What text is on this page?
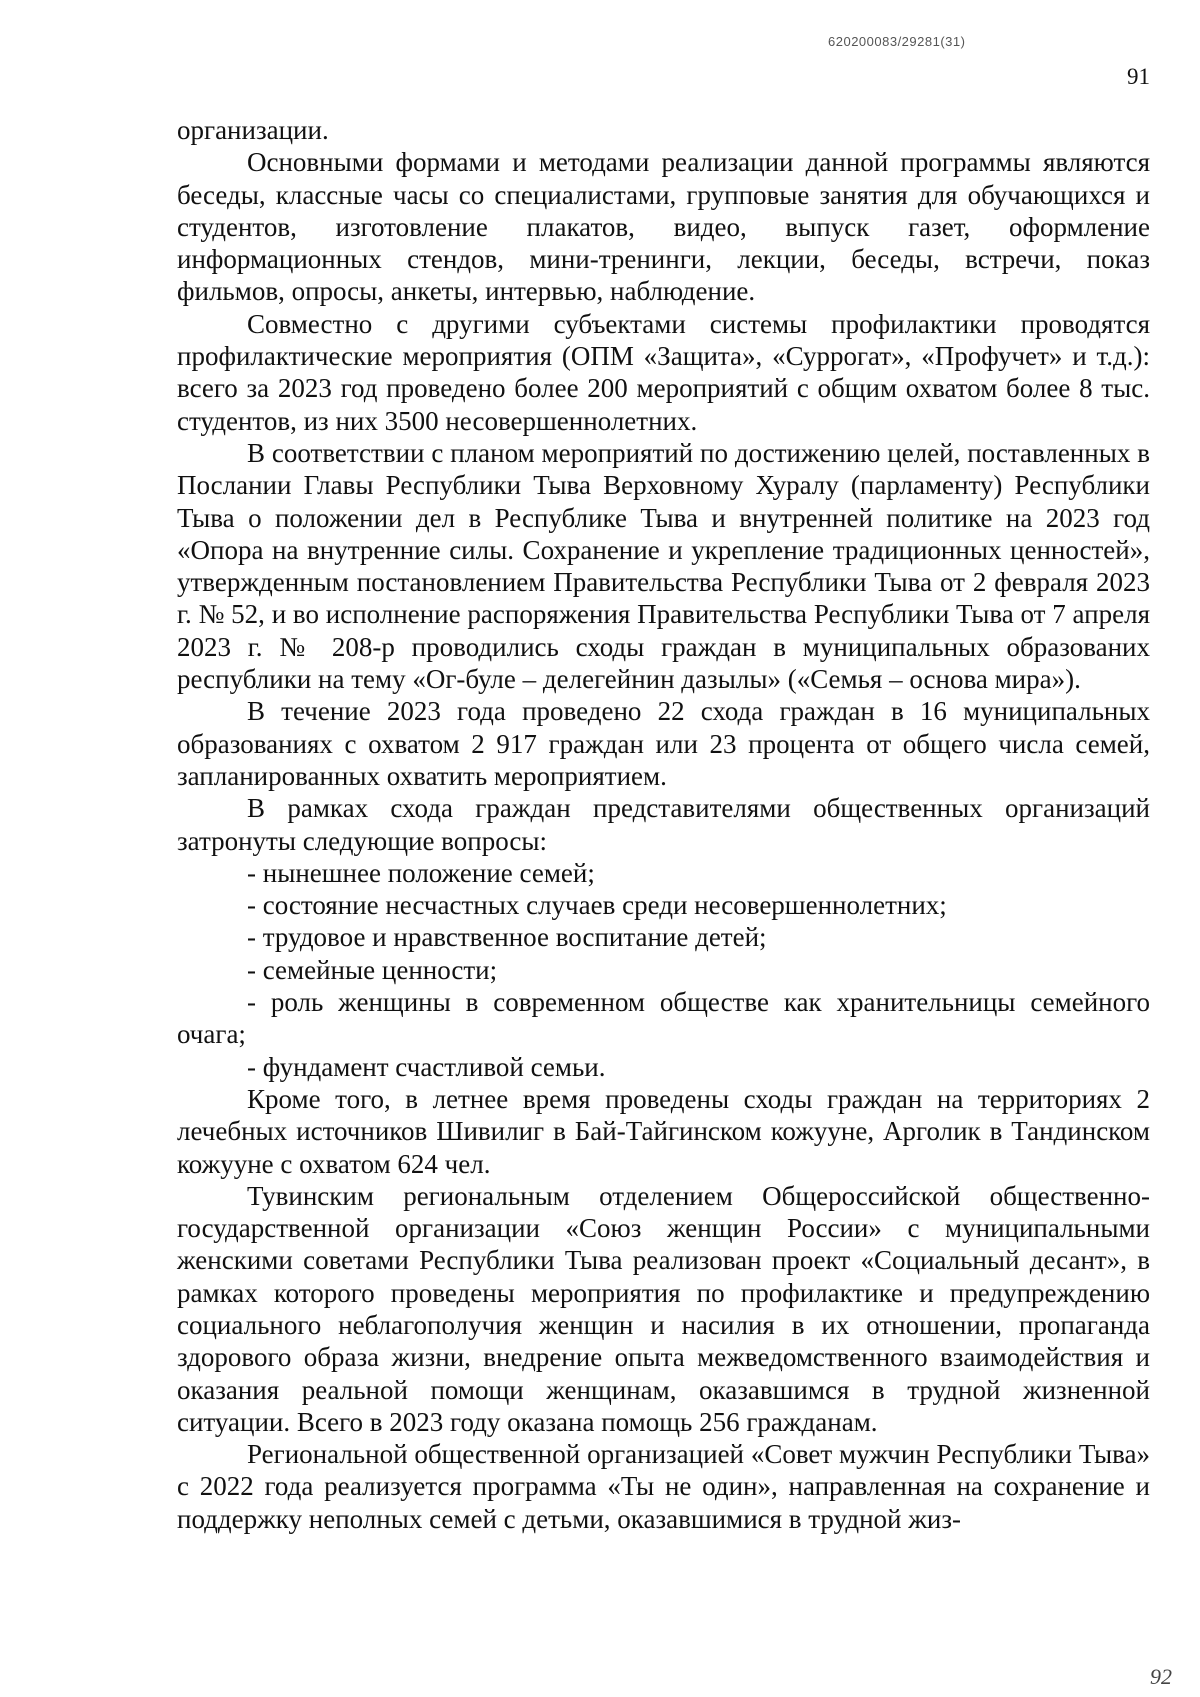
620200083/29281(31)
91

организации.

Основными формами и методами реализации данной программы являются беседы, классные часы со специалистами, групповые занятия для обучающихся и студентов, изготовление плакатов, видео, выпуск газет, оформление информационных стендов, мини-тренинги, лекции, беседы, встречи, показ фильмов, опросы, анкеты, интервью, наблюдение.

Совместно с другими субъектами системы профилактики проводятся профилактические мероприятия (ОПМ «Защита», «Суррогат», «Профучет» и т.д.): всего за 2023 год проведено более 200 мероприятий с общим охватом более 8 тыс. студентов, из них 3500 несовершеннолетних.

В соответствии с планом мероприятий по достижению целей, поставленных в Послании Главы Республики Тыва Верховному Хуралу (парламенту) Республики Тыва о положении дел в Республике Тыва и внутренней политике на 2023 год «Опора на внутренние силы. Сохранение и укрепление традиционных ценностей», утвержденным постановлением Правительства Республики Тыва от 2 февраля 2023 г. № 52, и во исполнение распоряжения Правительства Республики Тыва от 7 апреля 2023 г. № 208-р проводились сходы граждан в муниципальных образованих республики на тему «Ог-буле – делегейнин дазылы» («Семья – основа мира»).

В течение 2023 года проведено 22 схода граждан в 16 муниципальных образованиях с охватом 2 917 граждан или 23 процента от общего числа семей, запланированных охватить мероприятием.

В рамках схода граждан представителями общественных организаций затронуты следующие вопросы:

- нынешнее положение семей;

- состояние несчастных случаев среди несовершеннолетних;

- трудовое и нравственное воспитание детей;

- семейные ценности;

- роль женщины в современном обществе как хранительницы семейного очага;

- фундамент счастливой семьи.

Кроме того, в летнее время проведены сходы граждан на территориях 2 лечебных источников Шивилиг в Бай-Тайгинском кожууне, Арголик в Тандинском кожууне с охватом 624 чел.

Тувинским региональным отделением Общероссийской общественно-государственной организации «Союз женщин России» с муниципальными женскими советами Республики Тыва реализован проект «Социальный десант», в рамках которого проведены мероприятия по профилактике и предупреждению социального неблагополучия женщин и насилия в их отношении, пропаганда здорового образа жизни, внедрение опыта межведомственного взаимодействия и оказания реальной помощи женщинам, оказавшимся в трудной жизненной ситуации. Всего в 2023 году оказана помощь 256 гражданам.

Региональной общественной организацией «Совет мужчин Республики Тыва» с 2022 года реализуется программа «Ты не один», направленная на сохранение и поддержку неполных семей с детьми, оказавшимися в трудной жиз-

92
